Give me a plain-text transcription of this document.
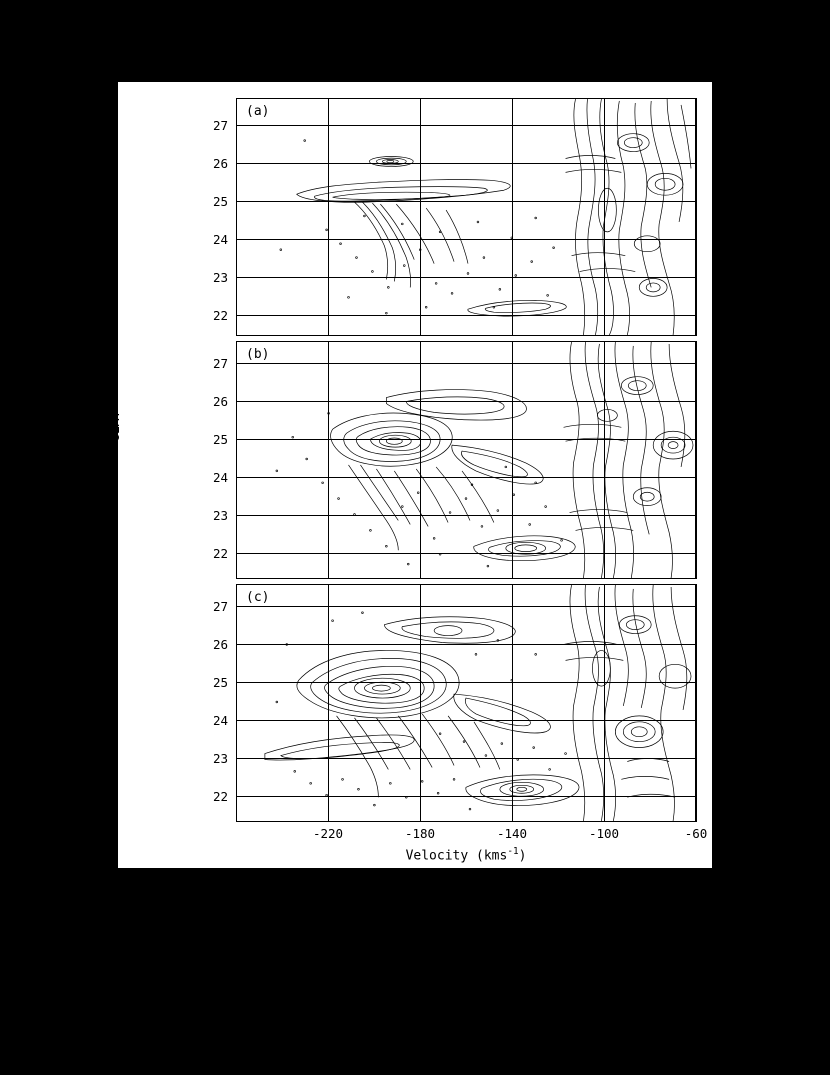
(a)
(b)
(c)
27
26
25
24
23
22
27
26
25
24
23
22
27
26
25
24
23
22
-220	-180	-140	-100	-60
Velocity (kms$^{-1}$)
GLAT
